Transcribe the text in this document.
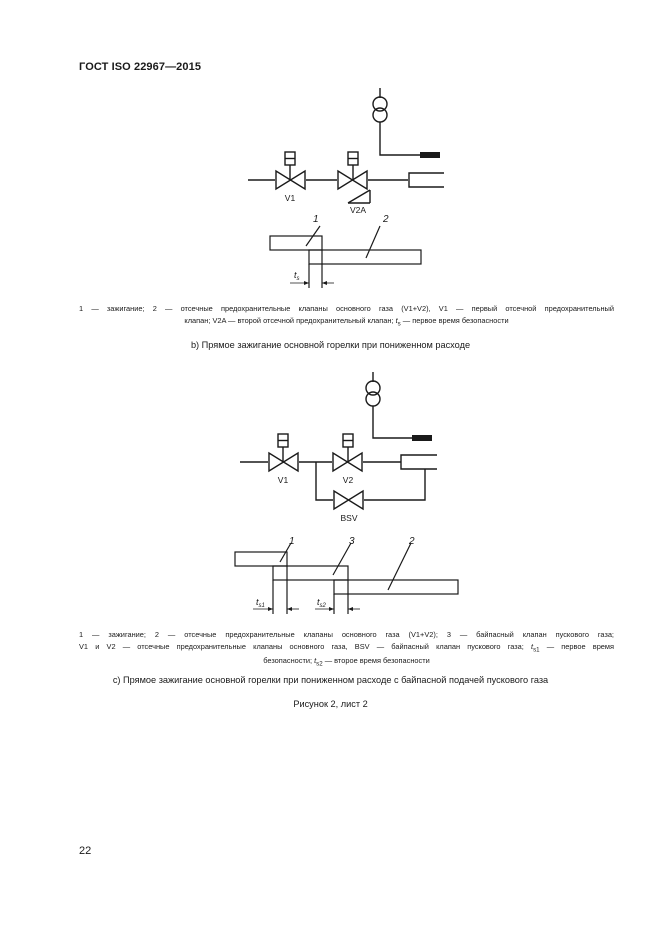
ГОСТ ISO 22967—2015
V1
V2A
1	2
$t_s$
1 — зажигание; 2 — отсечные предохранительные клапаны основного газа (V1+V2), V1 — первый отсечной предохранительный
клапан; V2A — второй отсечной предохранительный клапан; $t_s$ — первое время безопасности
b) Прямое зажигание основной горелки при пониженном расходе
V1	V2
BSV
1	3	2
$t_{s1}$	$t_{s2}$
1 — зажигание; 2 — отсечные предохранительные клапаны основного газа (V1+V2); 3 — байпасный клапан пускового газа;
V1 и V2 — отсечные предохранительные клапаны основного газа, BSV — байпасный клапан пускового газа; $t_{s1}$ — первое время
безопасности; $t_{s2}$ — второе время безопасности
c) Прямое зажигание основной горелки при пониженном расходе с байпасной подачей пускового газа
Рисунок 2, лист 2
22
